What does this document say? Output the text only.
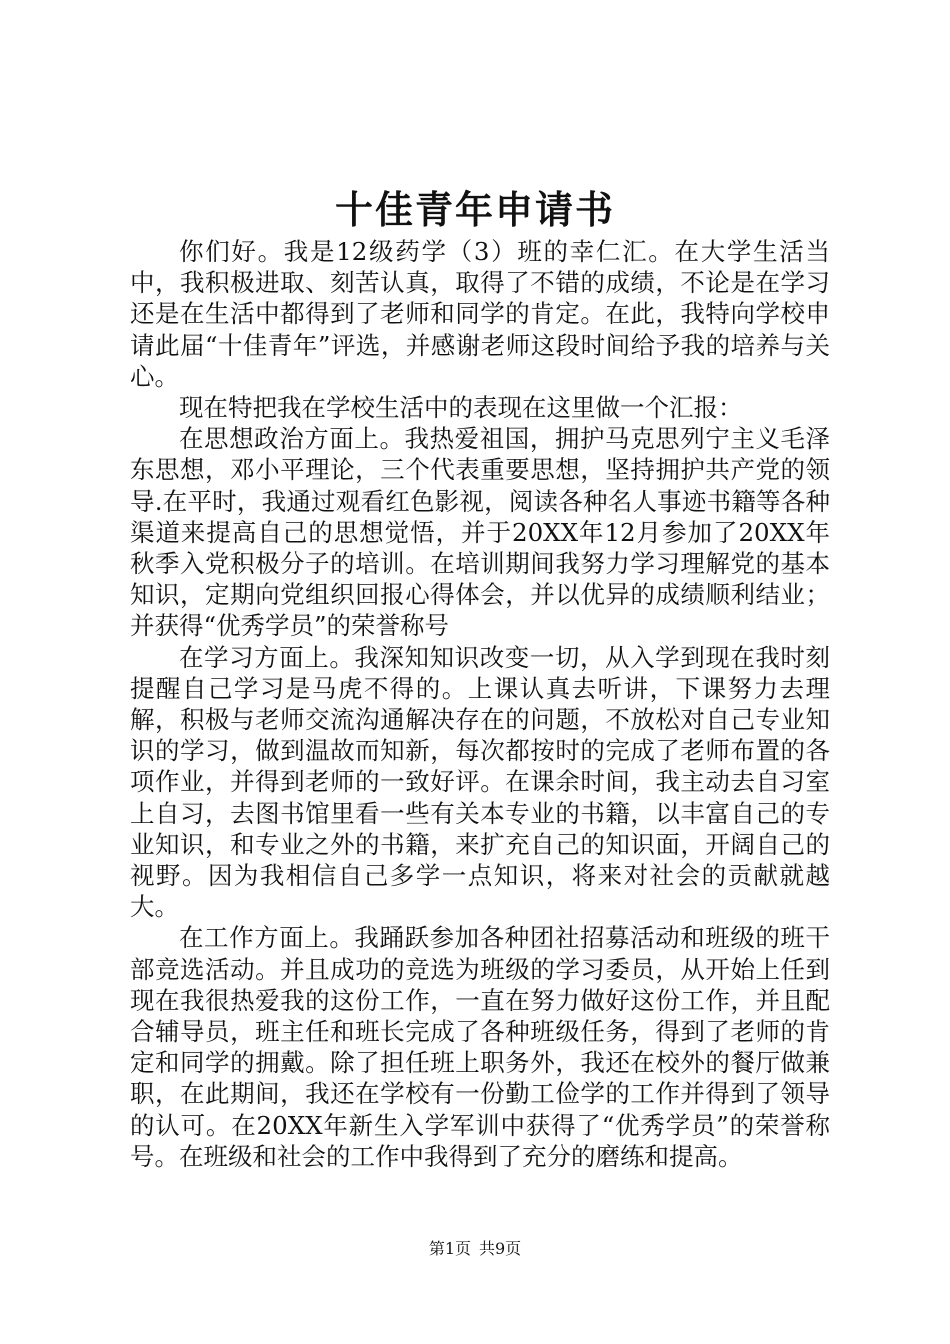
十佳青年申请书

你们好。我是12级药学（3）班的幸仁汇。在大学生活当中，我积极进取、刻苦认真，取得了不错的成绩，不论是在学习还是在生活中都得到了老师和同学的肯定。在此，我特向学校申请此届“十佳青年”评选，并感谢老师这段时间给予我的培养与关心。

现在特把我在学校生活中的表现在这里做一个汇报：

在思想政治方面上。我热爱祖国，拥护马克思列宁主义毛泽东思想，邓小平理论，三个代表重要思想，坚持拥护共产党的领导.在平时，我通过观看红色影视，阅读各种名人事迹书籍等各种渠道来提高自己的思想觉悟，并于20XX年12月参加了20XX年秋季入党积极分子的培训。在培训期间我努力学习理解党的基本知识，定期向党组织回报心得体会，并以优异的成绩顺利结业；并获得“优秀学员”的荣誉称号

在学习方面上。我深知知识改变一切，从入学到现在我时刻提醒自己学习是马虎不得的。上课认真去听讲，下课努力去理解，积极与老师交流沟通解决存在的问题，不放松对自己专业知识的学习，做到温故而知新，每次都按时的完成了老师布置的各项作业，并得到老师的一致好评。在课余时间，我主动去自习室上自习，去图书馆里看一些有关本专业的书籍，以丰富自己的专业知识，和专业之外的书籍，来扩充自己的知识面，开阔自己的视野。因为我相信自己多学一点知识，将来对社会的贡献就越大。

在工作方面上。我踊跃参加各种团社招募活动和班级的班干部竞选活动。并且成功的竞选为班级的学习委员，从开始上任到现在我很热爱我的这份工作，一直在努力做好这份工作，并且配合辅导员，班主任和班长完成了各种班级任务，得到了老师的肯定和同学的拥戴。除了担任班上职务外，我还在校外的餐厅做兼职，在此期间，我还在学校有一份勤工俭学的工作并得到了领导的认可。在20XX年新生入学军训中获得了“优秀学员”的荣誉称号。在班级和社会的工作中我得到了充分的磨练和提高。

第1页 共9页
